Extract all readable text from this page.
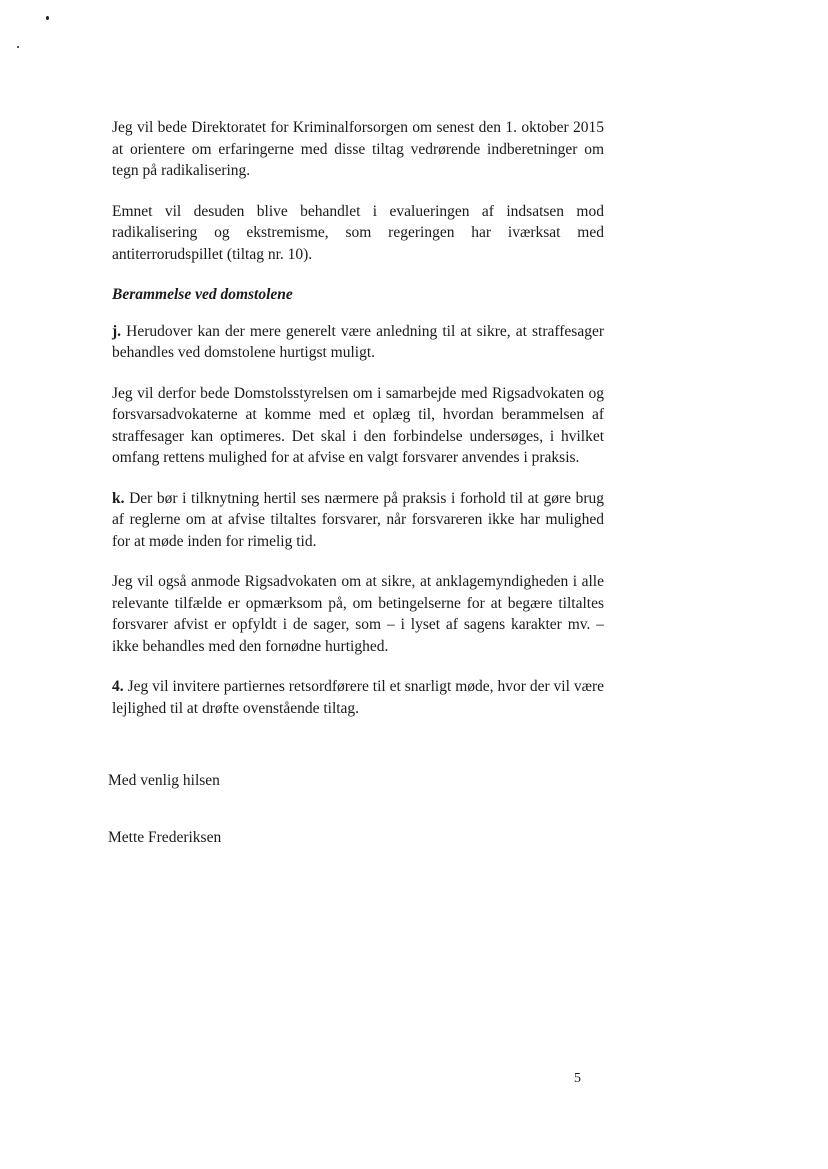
Jeg vil bede Direktoratet for Kriminalforsorgen om senest den 1. oktober 2015 at orientere om erfaringerne med disse tiltag vedrørende indberetninger om tegn på radikalisering.

Emnet vil desuden blive behandlet i evalueringen af indsatsen mod radikalisering og ekstremisme, som regeringen har iværksat med antiterrorudspillet (tiltag nr. 10).

Berammelse ved domstolene

j. Herudover kan der mere generelt være anledning til at sikre, at straffesager behandles ved domstolene hurtigst muligt.

Jeg vil derfor bede Domstolsstyrelsen om i samarbejde med Rigsadvokaten og forsvarsadvokaterne at komme med et oplæg til, hvordan berammelsen af straffesager kan optimeres. Det skal i den forbindelse undersøges, i hvilket omfang rettens mulighed for at afvise en valgt forsvarer anvendes i praksis.

k. Der bør i tilknytning hertil ses nærmere på praksis i forhold til at gøre brug af reglerne om at afvise tiltaltes forsvarer, når forsvareren ikke har mulighed for at møde inden for rimelig tid.

Jeg vil også anmode Rigsadvokaten om at sikre, at anklagemyndigheden i alle relevante tilfælde er opmærksom på, om betingelserne for at begære tiltaltes forsvarer afvist er opfyldt i de sager, som – i lyset af sagens karakter mv. – ikke behandles med den fornødne hurtighed.

4. Jeg vil invitere partiernes retsordførere til et snarligt møde, hvor der vil være lejlighed til at drøfte ovenstående tiltag.

Med venlig hilsen
Mette Frederiksen
5
